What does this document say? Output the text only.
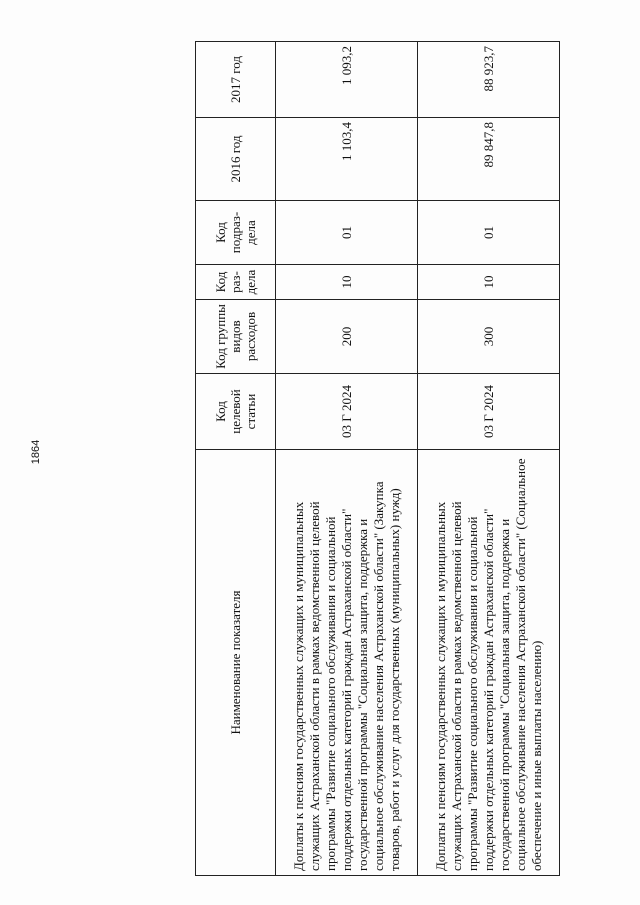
1864
Наименование показателя	Код целевой статьи	Код группы видов расходов	Код раз-дела	Код подраз-дела	2016 год	2017 год
Доплаты к пенсиям государственных служащих и муниципальных служащих Астраханской области в рамках ведомственной целевой программы "Развитие социального обслуживания и социальной поддержки отдельных категорий граждан Астраханской области" государственной программы "Социальная защита, поддержка и социальное обслуживание населения Астраханской области" (Закупка товаров, работ и услуг для государственных (муниципальных) нужд)	03 Г 2024	200	10	01	1 103,4	1 093,2
Доплаты к пенсиям государственных служащих и муниципальных служащих Астраханской области в рамках ведомственной целевой программы "Развитие социального обслуживания и социальной поддержки отдельных категорий граждан Астраханской области" государственной программы "Социальная защита, поддержка и социальное обслуживание населения Астраханской области" (Социальное обеспечение и иные выплаты населению)	03 Г 2024	300	10	01	89 847,8	88 923,7
